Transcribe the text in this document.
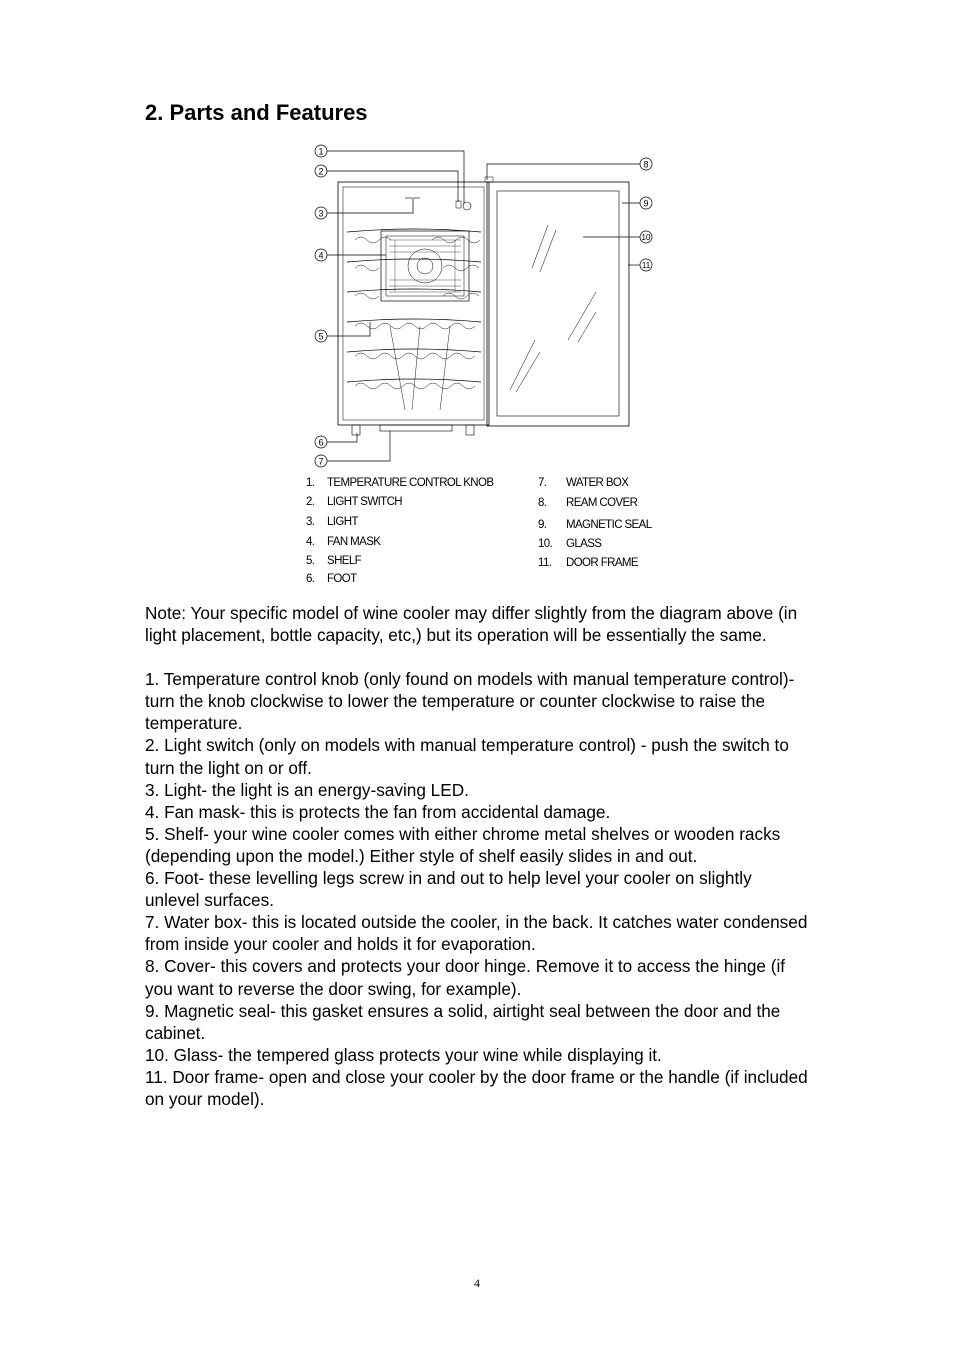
2. Parts and Features
1
2
3
4
5
6
7
8
9
10
11
1. TEMPERATURE CONTROL KNOB
2. LIGHT SWITCH
3. LIGHT
4. FAN MASK
5. SHELF
6. FOOT
7. WATER BOX
8. REAM COVER
9. MAGNETIC SEAL
10. GLASS
11. DOOR FRAME

Note: Your specific model of wine cooler may differ slightly from the diagram above (in light placement, bottle capacity, etc,) but its operation will be essentially the same.

1. Temperature control knob (only found on models with manual temperature control)- turn the knob clockwise to lower the temperature or counter clockwise to raise the temperature.

2. Light switch (only on models with manual temperature control) - push the switch to turn the light on or off.

3. Light- the light is an energy-saving LED.

4. Fan mask- this is protects the fan from accidental damage.

5. Shelf- your wine cooler comes with either chrome metal shelves or wooden racks (depending upon the model.) Either style of shelf easily slides in and out.

6. Foot- these levelling legs screw in and out to help level your cooler on slightly unlevel surfaces.

7. Water box- this is located outside the cooler, in the back. It catches water condensed from inside your cooler and holds it for evaporation.

8. Cover- this covers and protects your door hinge. Remove it to access the hinge (if you want to reverse the door swing, for example).

9. Magnetic seal- this gasket ensures a solid, airtight seal between the door and the cabinet.

10. Glass- the tempered glass protects your wine while displaying it.

11. Door frame- open and close your cooler by the door frame or the handle (if included on your model).

4
